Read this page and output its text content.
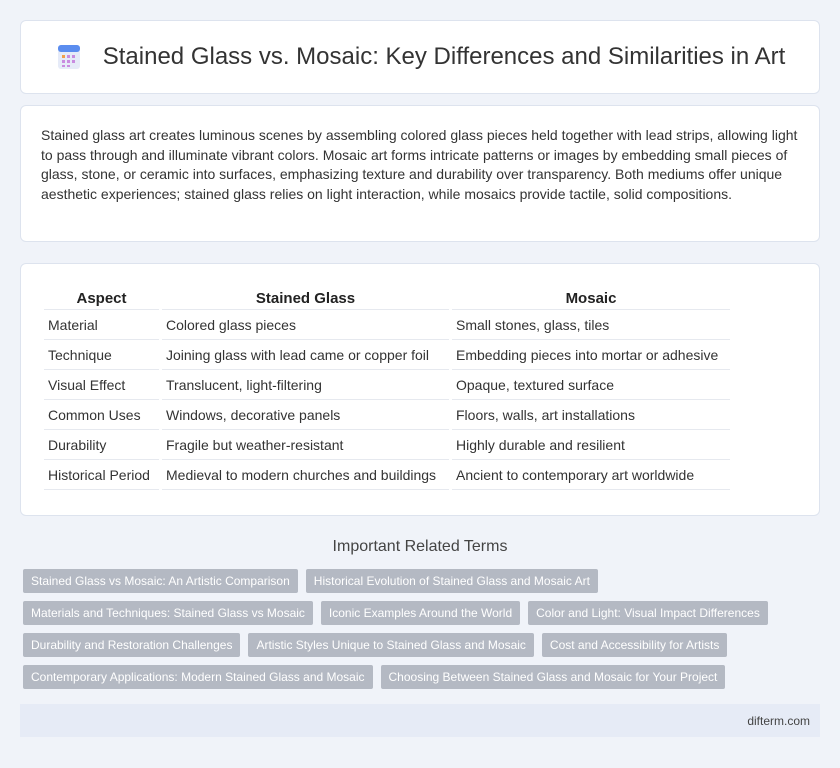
Stained Glass vs. Mosaic: Key Differences and Similarities in Art

Stained glass art creates luminous scenes by assembling colored glass pieces held together with lead strips, allowing light to pass through and illuminate vibrant colors. Mosaic art forms intricate patterns or images by embedding small pieces of glass, stone, or ceramic into surfaces, emphasizing texture and durability over transparency. Both mediums offer unique aesthetic experiences; stained glass relies on light interaction, while mosaics provide tactile, solid compositions.

Aspect	Stained Glass	Mosaic
Material	Colored glass pieces	Small stones, glass, tiles
Technique	Joining glass with lead came or copper foil	Embedding pieces into mortar or adhesive
Visual Effect	Translucent, light-filtering	Opaque, textured surface
Common Uses	Windows, decorative panels	Floors, walls, art installations
Durability	Fragile but weather-resistant	Highly durable and resilient
Historical Period	Medieval to modern churches and buildings	Ancient to contemporary art worldwide
Important Related Terms
Stained Glass vs Mosaic: An Artistic Comparison	Historical Evolution of Stained Glass and Mosaic Art
Materials and Techniques: Stained Glass vs Mosaic	Iconic Examples Around the World	Color and Light: Visual Impact Differences
Durability and Restoration Challenges	Artistic Styles Unique to Stained Glass and Mosaic	Cost and Accessibility for Artists
Contemporary Applications: Modern Stained Glass and Mosaic	Choosing Between Stained Glass and Mosaic for Your Project
difterm.com
